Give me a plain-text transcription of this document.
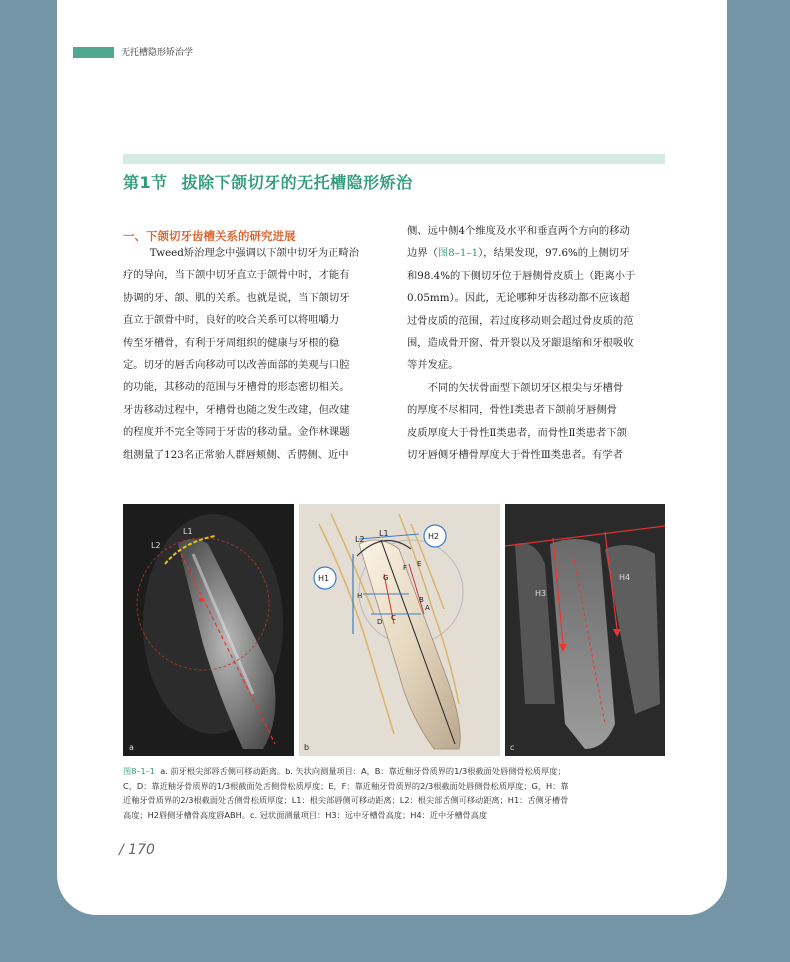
无托槽隐形矫治学
第1节 拔除下颌切牙的无托槽隐形矫治
一、下颌切牙齿槽关系的研究进展

Tweed矫治理念中强调以下颌中切牙为正畸治

疗的导向，当下颌中切牙直立于颌骨中时，才能有

协调的牙、颌、肌的关系。也就是说，当下颌切牙

直立于颌骨中时，良好的咬合关系可以将咀嚼力

传至牙槽骨，有利于牙周组织的健康与牙根的稳

定。切牙的唇舌向移动可以改善面部的美观与口腔

的功能，其移动的范围与牙槽骨的形态密切相关。

牙齿移动过程中，牙槽骨也随之发生改建，但改建

的程度并不完全等同于牙齿的移动量。金作林课题

组测量了123名正常骀人群唇颊侧、舌腭侧、近中

侧、远中侧4个维度及水平和垂直两个方向的移动

边界（图8–1–1），结果发现，97.6%的上侧切牙

和98.4%的下侧切牙位于唇侧骨皮质上（距离小于

0.05mm）。因此，无论哪种牙齿移动都不应该超

过骨皮质的范围，若过度移动则会超过骨皮质的范

围，造成骨开窗、骨开裂以及牙龈退缩和牙根吸收

等并发症。

　　不同的矢状骨面型下颌切牙区根尖与牙槽骨

的厚度不尽相同，骨性Ⅰ类患者下颌前牙唇侧骨

皮质厚度大于骨性Ⅱ类患者，而骨性Ⅱ类患者下颌

切牙唇侧牙槽骨厚度大于骨性Ⅲ类患者。有学者

L1
L2
a
L1
L2
H1
H2
A
B
C
D
E
F
G
H
b
H3
H4
c
图8–1–1 a. 前牙根尖部唇舌侧可移动距离。b. 矢状向测量项目：A，B：靠近釉牙骨质界的1/3根截面处唇侧骨松质厚度；
C，D：靠近釉牙骨质界的1/3根截面处舌侧骨松质厚度；E，F：靠近釉牙骨质界的2/3根截面处唇侧骨松质厚度；G，H：靠
近釉牙骨质界的2/3根截面处舌侧骨松质厚度；L1：根尖部唇侧可移动距离；L2：根尖部舌侧可移动距离；H1：舌侧牙槽骨
高度；H2唇侧牙槽骨高度唇ABH。c. 冠状面测量项目：H3：远中牙槽骨高度；H4：近中牙槽骨高度
/ 170
